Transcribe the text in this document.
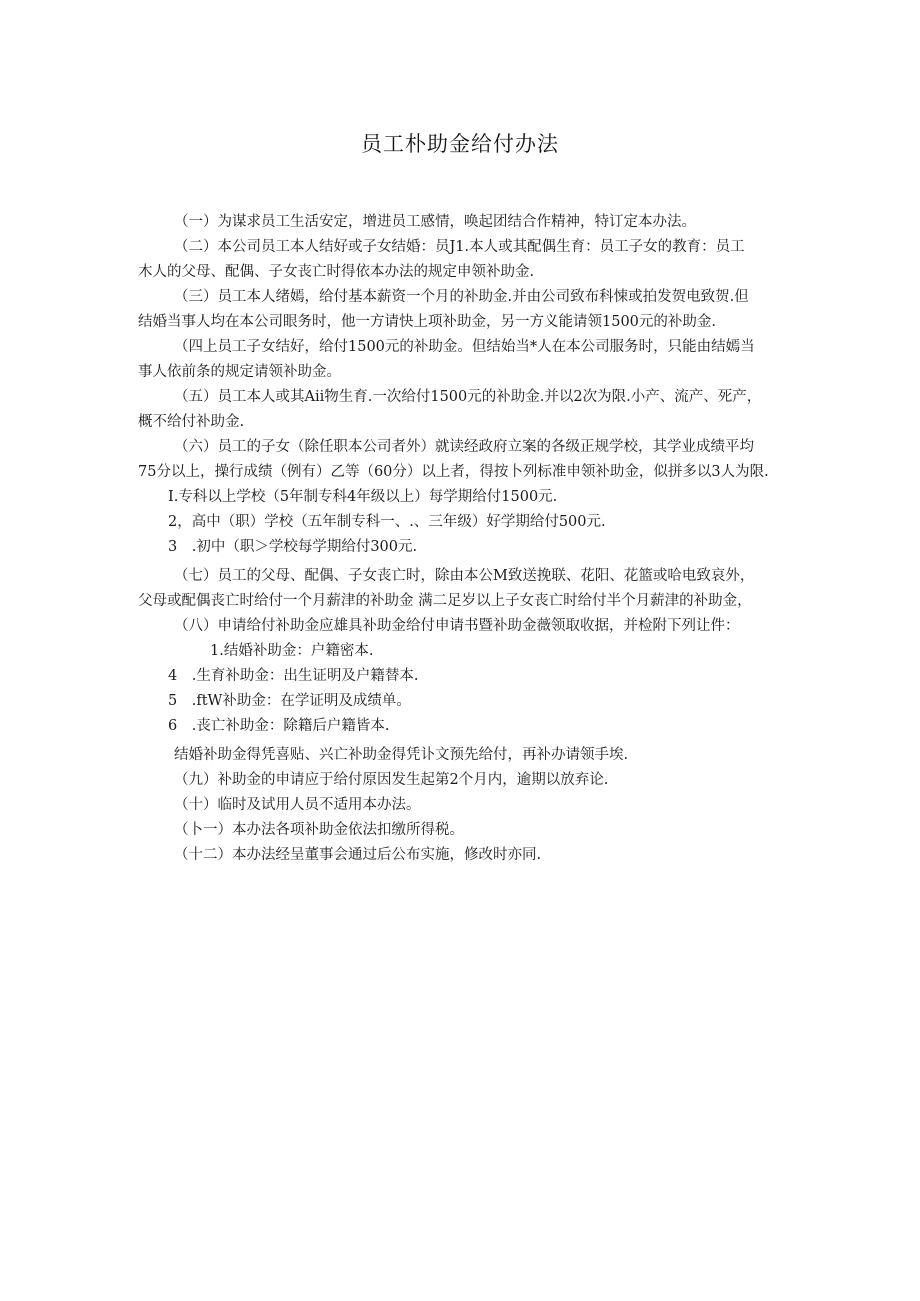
员工朴助金给付办法
（一）为谋求员工生活安定，增进员工感情，唤起团结合作精神，特订定本办法。
（二）本公司员工本人结好或子女结婚：员J1.本人或其配偶生育：员工子女的教育：员工
木人的父母、配偶、子女丧亡时得依本办法的规定申领补助金.
（三）员工本人绪嫣，给付基本薪资一个月的补助金.并由公司致布科悚或拍发贺电致贺.但
结婚当事人均在本公司眼务时，他一方请快上项补助金，另一方义能请领1500元的补助金.
（四上员工子女结好，给付1500元的补助金。但结始当*人在本公司服务时，只能由结嫣当
事人依前条的规定请领补助金。
（五）员工本人或其Aii物生育.一次给付1500元的补助金.并以2次为限.小产、流产、死产，
概不给付补助金.
（六）员工的子女（除任职本公司者外）就读经政府立案的各级正规学校，其学业成绩平均
75分以上，操行成绩（例有）乙等（60分）以上者，得按卜列标准申领补助金，似拼多以3人为限.
I.专科以上学校（5年制专科4年级以上）每学期给付1500元.
2，高中（职）学校（五年制专科一、.、三年级）好学期给付500元.
3　.初中（职＞学校每学期给付300元.
（七）员工的父母、配偶、子女丧亡时，除由本公M致送挽联、花阳、花篮或哈电致哀外，
父母或配偶丧亡时给付一个月薪津的补助金 满二足岁以上子女丧亡时给付半个月薪津的补助金，
（八）申请给付补助金应雄具补助金给付申请书暨补助金薇领取收据，并检附下列让件：
1.结婚补助金：户籍密本.
4　.生育补助金：出生证明及户籍替本.
5　.ftW补助金：在学证明及成绩单。
6　.丧亡补助金：除籍后户籍皆本.
结婚补助金得凭喜贴、兴亡补助金得凭讣文预先给付，再补办请领手埃.
（九）补助金的申请应于给付原因发生起第2个月内，逾期以放弃论.
（十）临时及试用人员不适用本办法。
（卜一）本办法各项补助金依法扣缴所得税。
（十二）本办法经呈董事会通过后公布实施，修改时亦同.
